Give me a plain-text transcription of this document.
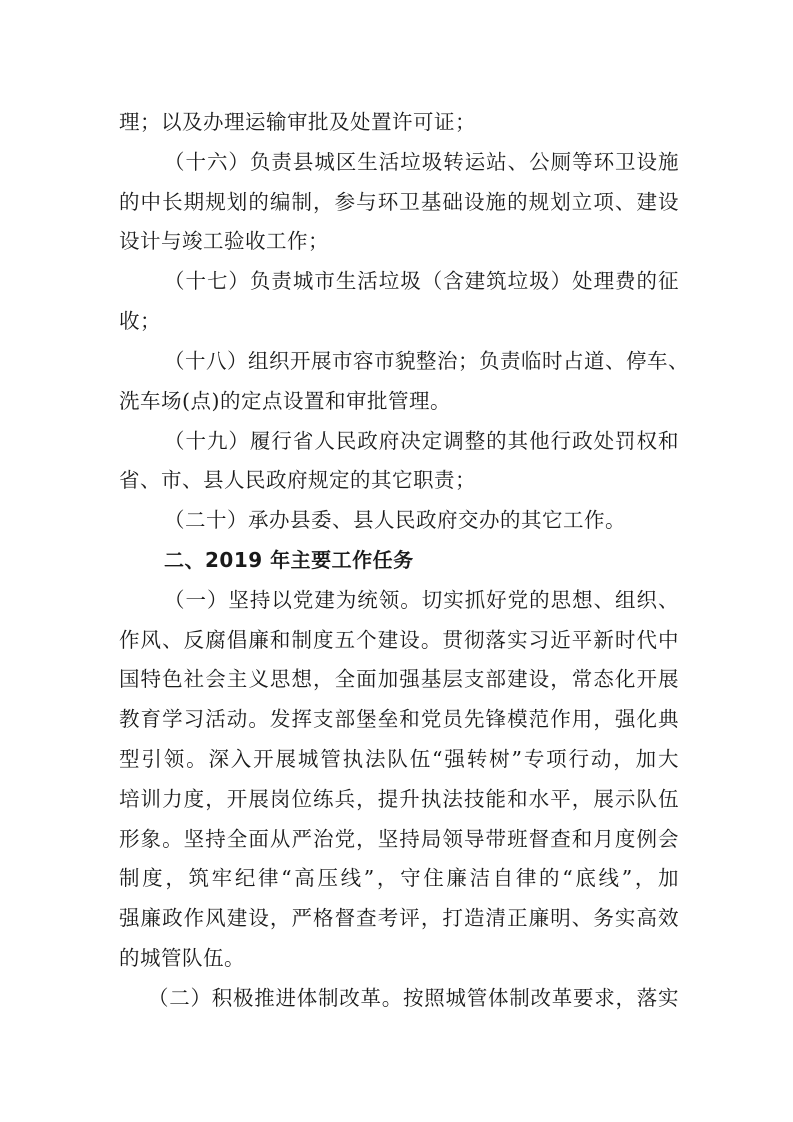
理；以及办理运输审批及处置许可证；
（十六）负责县城区生活垃圾转运站、公厕等环卫设施
的中长期规划的编制，参与环卫基础设施的规划立项、建设
设计与竣工验收工作；
（十七）负责城市生活垃圾（含建筑垃圾）处理费的征
收；
（十八）组织开展市容市貌整治；负责临时占道、停车、
洗车场(点)的定点设置和审批管理。
（十九）履行省人民政府决定调整的其他行政处罚权和
省、市、县人民政府规定的其它职责；
（二十）承办县委、县人民政府交办的其它工作。
二、2019 年主要工作任务
（一）坚持以党建为统领。切实抓好党的思想、组织、
作风、反腐倡廉和制度五个建设。贯彻落实习近平新时代中
国特色社会主义思想，全面加强基层支部建设，常态化开展
教育学习活动。发挥支部堡垒和党员先锋模范作用，强化典
型引领。深入开展城管执法队伍“强转树”专项行动，加大
培训力度，开展岗位练兵，提升执法技能和水平，展示队伍
形象。坚持全面从严治党，坚持局领导带班督查和月度例会
制度，筑牢纪律“高压线”，守住廉洁自律的“底线”，加
强廉政作风建设，严格督查考评，打造清正廉明、务实高效
的城管队伍。
（二）积极推进体制改革。按照城管体制改革要求，落实
